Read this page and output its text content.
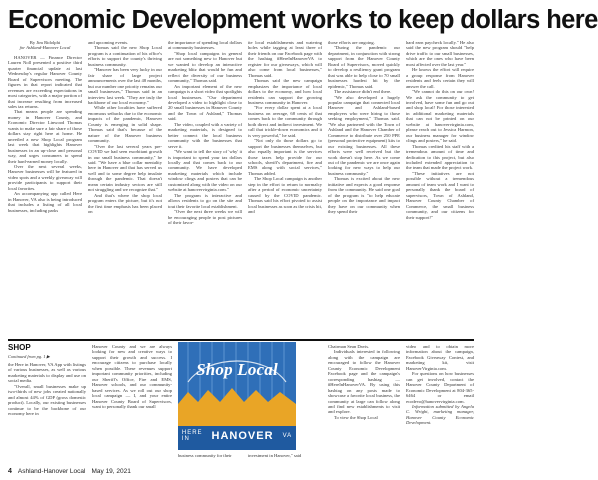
Economic Development works to keep dollars here

By Jim Ridolphi

for Ashland-Hanover Local

HANOVER — Finance Director Lauren Noll presented a positive third quarter financial update at last Wednesday's regular Hanover County Board of Supervisors meeting. The figures in that report indicated that revenues are exceeding expectations in most categories, with a major portion of that increase resulting from increased sales tax returns.

That means people are spending money in Hanover County, and Economic Director Linwood Thomas wants to make sure a fair share of those dollars stay right here at home. He unveiled a new Shop Local program last week that highlights Hanover businesses in an up-close and personal way, and urges consumers to spend their hard-earned money locally.

Over the next several weeks, Hanover businesses will be featured in video spots and a weekly giveaway will provide participants to support their local favorites.

An accompanying app called Here in Hanover, VA also is being introduced that includes a listing of all local businesses, including parks

and upcoming events.

Thomas said the new Shop Local program is a continuation of his office's efforts to support the county's thriving business community.

"Hanover has been very lucky in our fair share of large project announcements over the last 48 months, but our number one priority remains our small businesses," Thomas said in an interview last week. "They are truly the backbone of our local economy."

While other localities have suffered enormous setbacks due to the economic impacts of the pandemic, Hanover County is emerging in solid shape. Thomas said that's because of the nature of the Hanover business community.

"Over the last several years pre-COVID we had seen exorbitant growth in our small business community," he said. "We have a blue collar mentality here in Hanover and that has served us well and to some degree help insulate through the pandemic. That doesn't mean certain industry sectors are still not struggling and we recognize that."

And that's where the shop local program enters the picture, but it's not the first time emphasis has been placed on

the importance of spending local dollars at community businesses.

"Shop local campaigns in general are not something new to Hanover but we wanted to develop an interactive marketing blitz that would be fun and reflect the diversity of our business community," Thomas said.

An important element of the new campaign is a short video that spotlights local businesses. "Our department developed a video to highlight close to 20 small businesses in Hanover County and the Town of Ashland," Thomas said.

The video, coupled with a variety of marketing materials, is designed to better connect the local business community with the businesses that serve it.

"We want to tell the story of 'why' it is important to spend your tax dollars locally and that comes back to our community. We have developed marketing materials which include window clings and posters that can be customized along with the video on our website at hanovervirginia.com."

The program is interactive and allows residents to go on the site and tout their favorite local establishment.

"Over the next three weeks we will be encouraging people to post pictures of their favor-

ite local establishments and watering holes while tagging at least three of their friends on our Facebook page with the hashtag #HereInHanoverVA to register for our giveaways, which will also come from local businesses," Thomas said.

Thomas said the new campaign emphasizes the importance of local dollars to the economy, and how local residents can support the growing business community in Hanover.

"For every dollar spent at a local business on average, 68 cents of that comes back to the community through both direct and indirect investment. We call that trickle-down economics and it is very powerful," he said.

"Not only do those dollars go to support the businesses themselves, but also equally important is the services those taxes help provide for our schools, sheriff's department, fire and EMS along with social services," Thomas added.

The Shop Local campaign is another step in the effort to return to normalcy after a period of economic uncertainty caused by the COVID pandemic. Thomas said his effort pivoted to assist local businesses as soon as the crisis hit, and

those efforts are ongoing.

"During the pandemic our department, in conjunction with strong support from the Hanover County Board of Supervisors, moved quickly to develop a resiliency grant program that was able to help close to 70 small businesses hardest hit by the epidemic," Thomas said.

The assistance didn't end there.

"We also developed a hugely popular campaign that connected local Hanover and Ashland-based employers who were hiring to those seeking employment," Thomas said. "We also partnered with the Town of Ashland and the Hanover Chamber of Commerce to distribute over 250 PPE (personal protective equipment) kits to our existing businesses. All these efforts were well received but the work doesn't stop here. As we come out of the pandemic we are once again looking for new ways to help our business community."

Thomas is excited about the new initiative and expects a good response from the community. He said one goal of the program is "to help educate people on the importance and impact they have on our community when they spend their

hard earn paycheck locally." He also said the new program should "help drive traffic to our small businesses, which are the ones who have been most affected over the last year."

He knows the effort will require a group response from Hanover residents and feels certain they will answer the call.

"We cannot do this on our own! We ask the community to get involved, have some fun and go out and shop local! For those interested in additional marketing materials that can not be printed on our website at hanovervirginia.com, please reach out to Jessica Harmon, our business manager for window clings and posters," he said.

Thomas credited his staff with a tremendous amount of time and dedication to this project, but also included extended appreciation to the team that made the project work.

"These initiatives are not possible without a tremendous amount of team work and I want to personally thank the board of supervisors, Town of Ashland, Hanover County Chamber of Commerce, the small business community, and our citizens for their support!"

SHOP
Continued from pg. 1 ▶

the Here in Hanover, VA App with listings of various businesses, as well as various marketing materials to display and use on social media.

"Overall, small businesses make up two-thirds of new jobs created nationally and almost 44% of GDP (gross domestic product). Locally, our existing businesses continue to be the backbone of our economy here in

Hanover County and we are always looking for new and creative ways to support their growth and success. I encourage citizens to purchase locally when possible. These revenues support important community priorities, including our Sheriff's Office, Fire and EMS, Hanover schools, and our community-based services. As we roll out our shop local campaign — I, and your entire Hanover County Board of Supervisors, want to personally thank our small

Shop Local
HERE IN	HANOVER VA

business community for their	investment in Hanover," said

Chairman Sean Davis.

Individuals interested in following along with the campaign are encouraged to follow the Hanover County Economic Development Facebook page and the campaign's corresponding hashtag — #HereInHanoverVA. By using this hashtag on any posts made to showcase a favorite local business, the community at large can follow along and find new establishments to visit and explore.

To view the Shop Local

video and to obtain more information about the campaign, Facebook Giveaway Contest, and marketing kit, visit HanoverVirginia.com.

For questions on how businesses can get involved, contact the Hanover County Department of Economic Development at 804-365-6464 or email ecodevo@hanovervirginia.com.

Information submitted by Angela C. Wright, marketing manager, Hanover County Economic Development.

4 Ashland-Hanover Local May 19, 2021
